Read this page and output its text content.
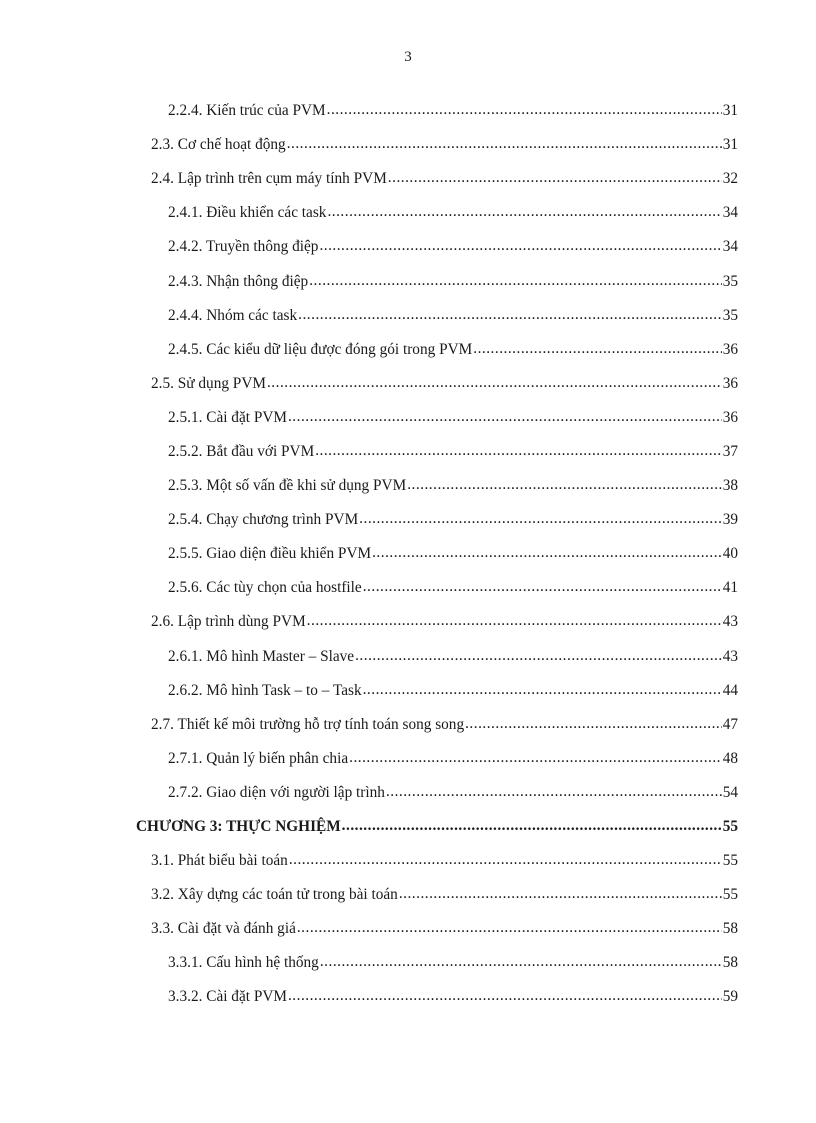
3
2.2.4. Kiến trúc của PVM .....	31
2.3. Cơ chế hoạt động .....	31
2.4. Lập trình trên cụm máy tính PVM .....	32
2.4.1. Điều khiển các task .....	34
2.4.2. Truyền thông điệp .....	34
2.4.3. Nhận thông điệp .....	35
2.4.4. Nhóm các task .....	35
2.4.5. Các kiểu dữ liệu được đóng gói trong PVM .....	36
2.5. Sử dụng PVM .....	36
2.5.1. Cài đặt PVM .....	36
2.5.2. Bắt đầu với PVM .....	37
2.5.3. Một số vấn đề khi sử dụng PVM .....	38
2.5.4. Chạy chương trình PVM .....	39
2.5.5. Giao diện điều khiển PVM .....	40
2.5.6. Các tùy chọn của hostfile .....	41
2.6. Lập trình dùng PVM .....	43
2.6.1. Mô hình Master – Slave .....	43
2.6.2. Mô hình Task – to – Task .....	44
2.7. Thiết kế môi trường hỗ trợ tính toán song song .....	47
2.7.1. Quản lý biến phân chia .....	48
2.7.2. Giao diện với người lập trình .....	54
CHƯƠNG 3: THỰC NGHIỆM .....	55
3.1. Phát biểu bài toán .....	55
3.2. Xây dựng các toán tử trong bài toán .....	55
3.3. Cài đặt và đánh giá .....	58
3.3.1. Cấu hình hệ thống .....	58
3.3.2. Cài đặt PVM .....	59
